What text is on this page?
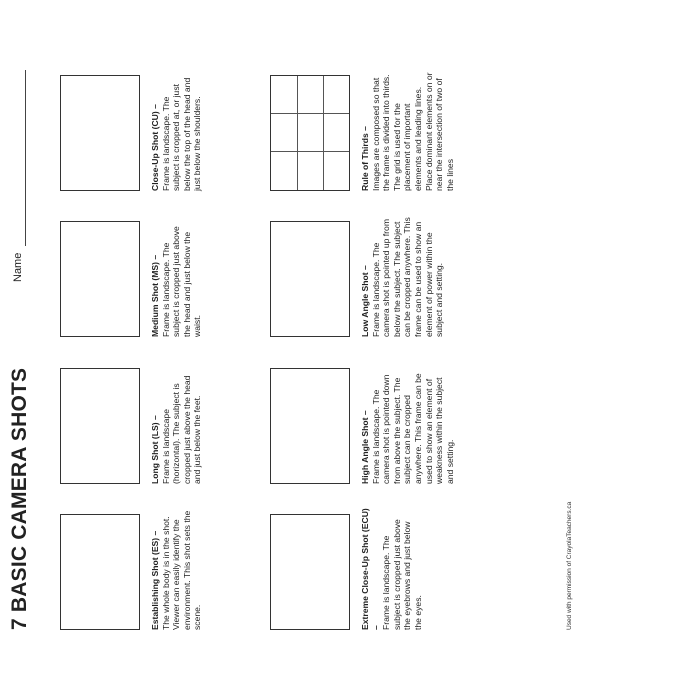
7 BASIC CAMERA SHOTS
Name
Establishing Shot (ES) – The whole body is in the shot. Viewer can easily identify the environment. This shot sets the scene.
Long Shot (LS) – Frame is landscape (horizontal). The subject is cropped just above the head and just below the feet.
Medium Shot (MS) – Frame is landscape. The subject is cropped just above the head and just below the waist.
Close-Up Shot (CU) – Frame is landscape. The subject is cropped at, or just below the top of the head and just below the shoulders.
Extreme Close-Up Shot (ECU) – Frame is landscape. The subject is cropped just above the eyebrows and just below the eyes.
High Angle Shot – Frame is landscape. The camera shot is pointed down from above the subject. The subject can be cropped anywhere. This frame can be used to show an element of weakness within the subject and setting.
Low Angle Shot – Frame is landscape. The camera shot is pointed up from below the subject. The subject can be cropped anywhere. This frame can be used to show an element of power within the subject and setting.
Rule of Thirds – Images are composed so that the frame is divided into thirds. The grid is used for the placement of important elements and leading lines. Place dominant elements on or near the intersection of two of the lines
Used with permission of CrayolaTeachers.ca
